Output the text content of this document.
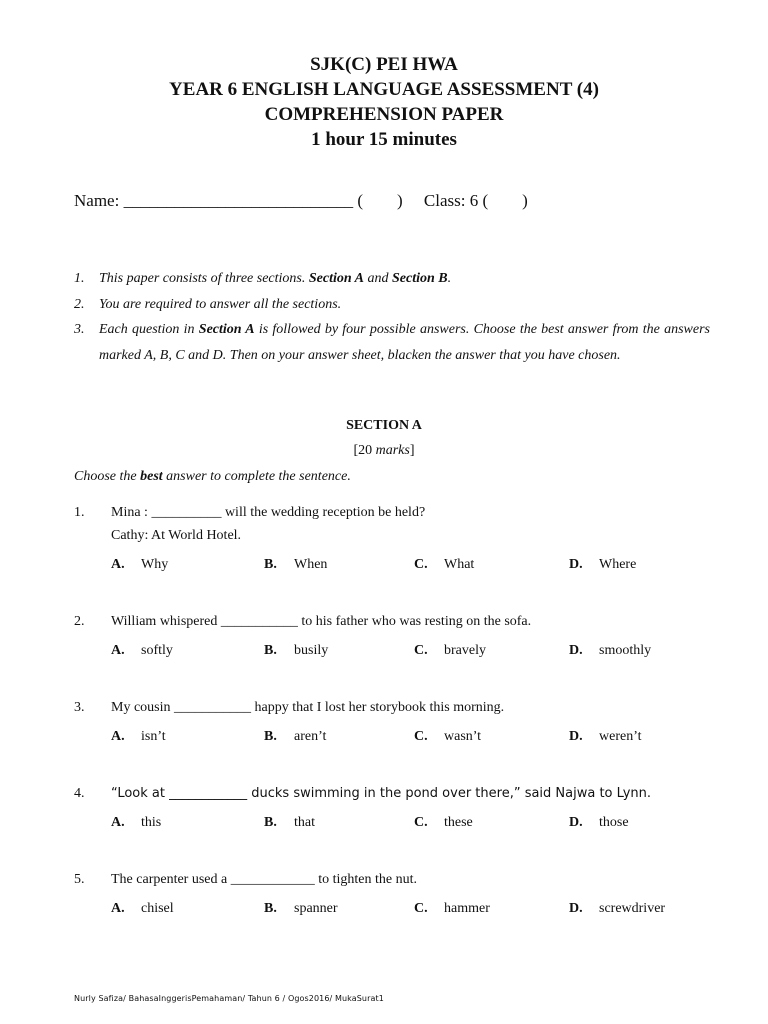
SJK(C) PEI HWA
YEAR 6 ENGLISH LANGUAGE ASSESSMENT (4)
COMPREHENSION PAPER
1 hour 15 minutes
Name: ___________________________ (        )     Class: 6 (        )
1. This paper consists of three sections. Section A and Section B.
2. You are required to answer all the sections.
3. Each question in Section A is followed by four possible answers. Choose the best answer from the answers marked A, B, C and D. Then on your answer sheet, blacken the answer that you have chosen.
SECTION A
[20 marks]
Choose the best answer to complete the sentence.
1. Mina : __________ will the wedding reception be held?
Cathy: At World Hotel.
A. Why	B. When	C. What	D. Where
2. William whispered ___________ to his father who was resting on the sofa.
A. softly	B. busily	C. bravely	D. smoothly
3. My cousin ___________ happy that I lost her storybook this morning.
A. isn’t	B. aren’t	C. wasn’t	D. weren’t
4. “Look at ____________ ducks swimming in the pond over there,” said Najwa to Lynn.
A. this	B. that	C. these	D. those
5. The carpenter used a ____________ to tighten the nut.
A. chisel	B. spanner	C. hammer	D. screwdriver
Nurly Safiza/ BahasaInggerisPemahaman/ Tahun 6 / Ogos2016/ MukaSurat1
